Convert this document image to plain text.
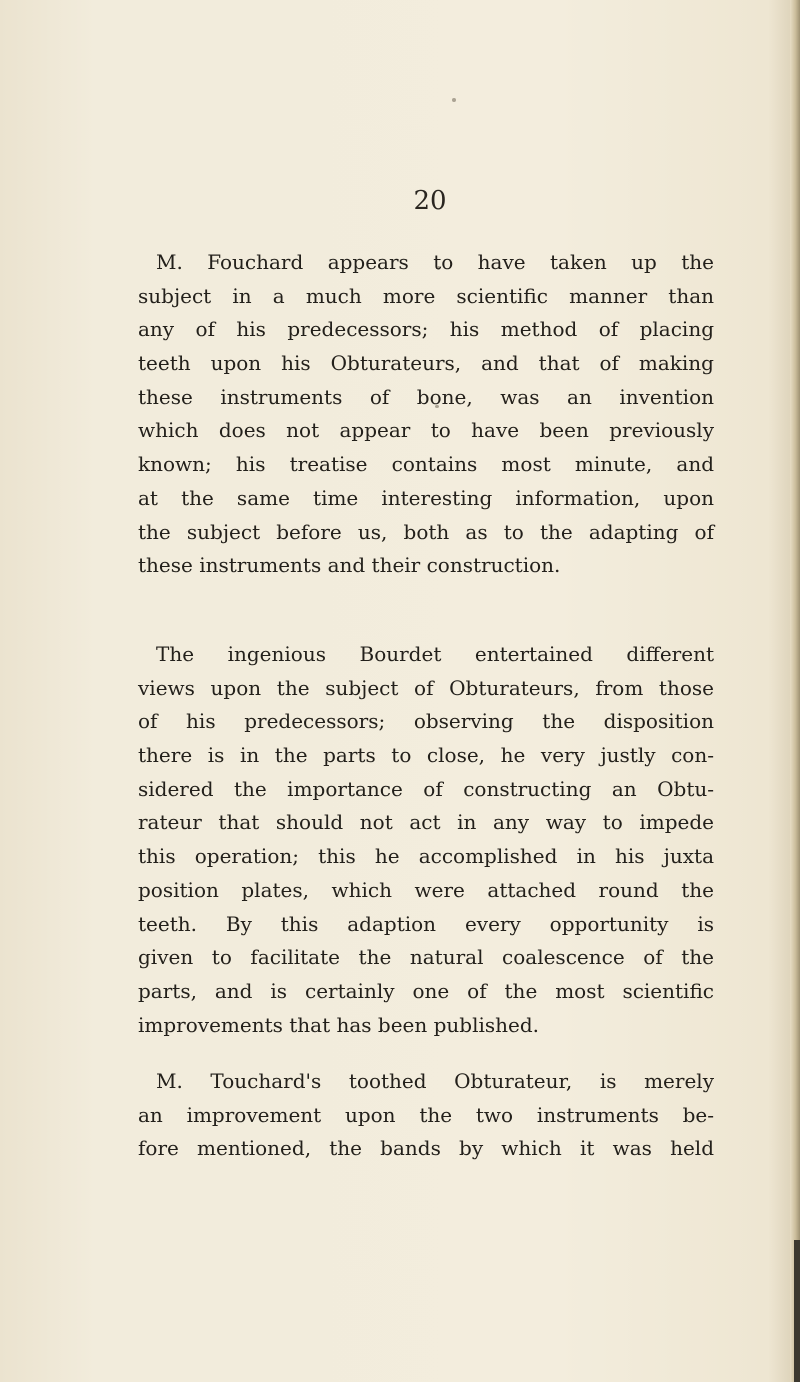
20
M. Fouchard appears to have taken up the
subject in a much more scientific manner than
any of his predecessors; his method of placing
teeth upon his Obturateurs, and that of making
these instruments of bone, was an invention
which does not appear to have been previously
known; his treatise contains most minute, and
at the same time interesting information, upon
the subject before us, both as to the adapting of
these instruments and their construction.
The ingenious Bourdet entertained different
views upon the subject of Obturateurs, from those
of his predecessors; observing the disposition
there is in the parts to close, he very justly con-
sidered the importance of constructing an Obtu-
rateur that should not act in any way to impede
this operation; this he accomplished in his juxta
position plates, which were attached round the
teeth. By this adaption every opportunity is
given to facilitate the natural coalescence of the
parts, and is certainly one of the most scientific
improvements that has been published.
M. Touchard's toothed Obturateur, is merely
an improvement upon the two instruments be-
fore mentioned, the bands by which it was held
